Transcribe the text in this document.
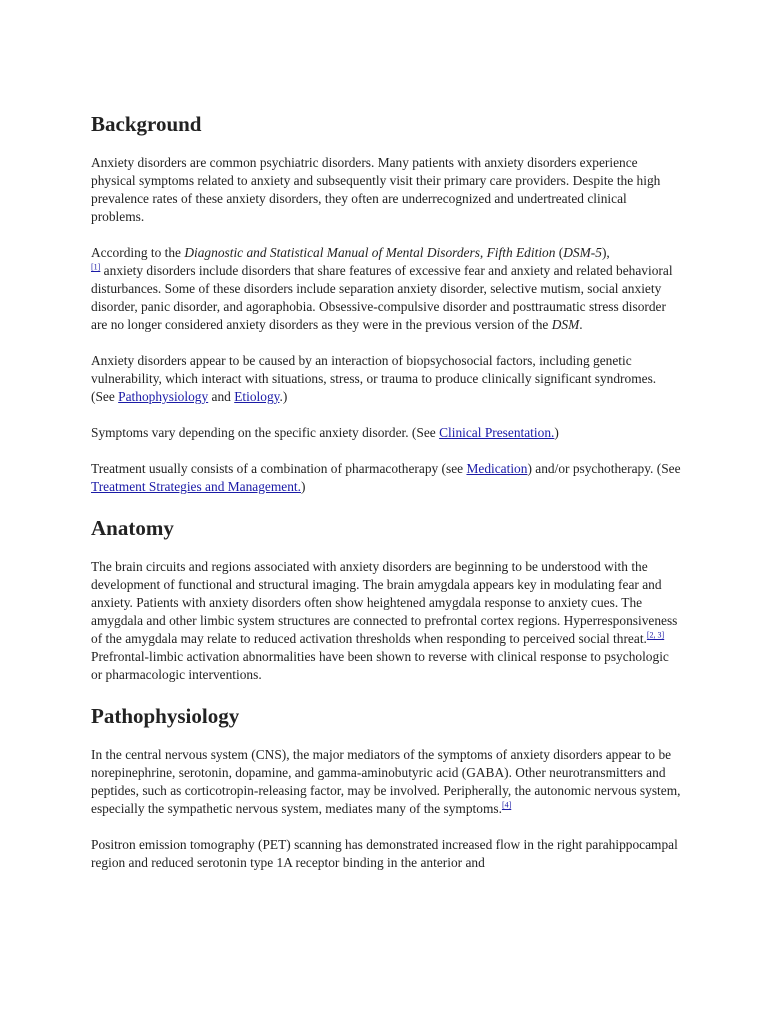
Background

Anxiety disorders are common psychiatric disorders. Many patients with anxiety disorders experience physical symptoms related to anxiety and subsequently visit their primary care providers. Despite the high prevalence rates of these anxiety disorders, they often are underrecognized and undertreated clinical problems.

According to the Diagnostic and Statistical Manual of Mental Disorders, Fifth Edition (DSM-5),
[1] anxiety disorders include disorders that share features of excessive fear and anxiety and related behavioral disturbances. Some of these disorders include separation anxiety disorder, selective mutism, social anxiety disorder, panic disorder, and agoraphobia. Obsessive-compulsive disorder and posttraumatic stress disorder are no longer considered anxiety disorders as they were in the previous version of the DSM.

Anxiety disorders appear to be caused by an interaction of biopsychosocial factors, including genetic vulnerability, which interact with situations, stress, or trauma to produce clinically significant syndromes. (See Pathophysiology and Etiology.)

Symptoms vary depending on the specific anxiety disorder. (See Clinical Presentation.)

Treatment usually consists of a combination of pharmacotherapy (see Medication) and/or psychotherapy. (See Treatment Strategies and Management.)

Anatomy

The brain circuits and regions associated with anxiety disorders are beginning to be understood with the development of functional and structural imaging. The brain amygdala appears key in modulating fear and anxiety. Patients with anxiety disorders often show heightened amygdala response to anxiety cues. The amygdala and other limbic system structures are connected to prefrontal cortex regions. Hyperresponsiveness of the amygdala may relate to reduced activation thresholds when responding to perceived social threat.[2, 3] Prefrontal-limbic activation abnormalities have been shown to reverse with clinical response to psychologic or pharmacologic interventions.

Pathophysiology

In the central nervous system (CNS), the major mediators of the symptoms of anxiety disorders appear to be norepinephrine, serotonin, dopamine, and gamma-aminobutyric acid (GABA). Other neurotransmitters and peptides, such as corticotropin-releasing factor, may be involved. Peripherally, the autonomic nervous system, especially the sympathetic nervous system, mediates many of the symptoms.[4]

Positron emission tomography (PET) scanning has demonstrated increased flow in the right parahippocampal region and reduced serotonin type 1A receptor binding in the anterior and
